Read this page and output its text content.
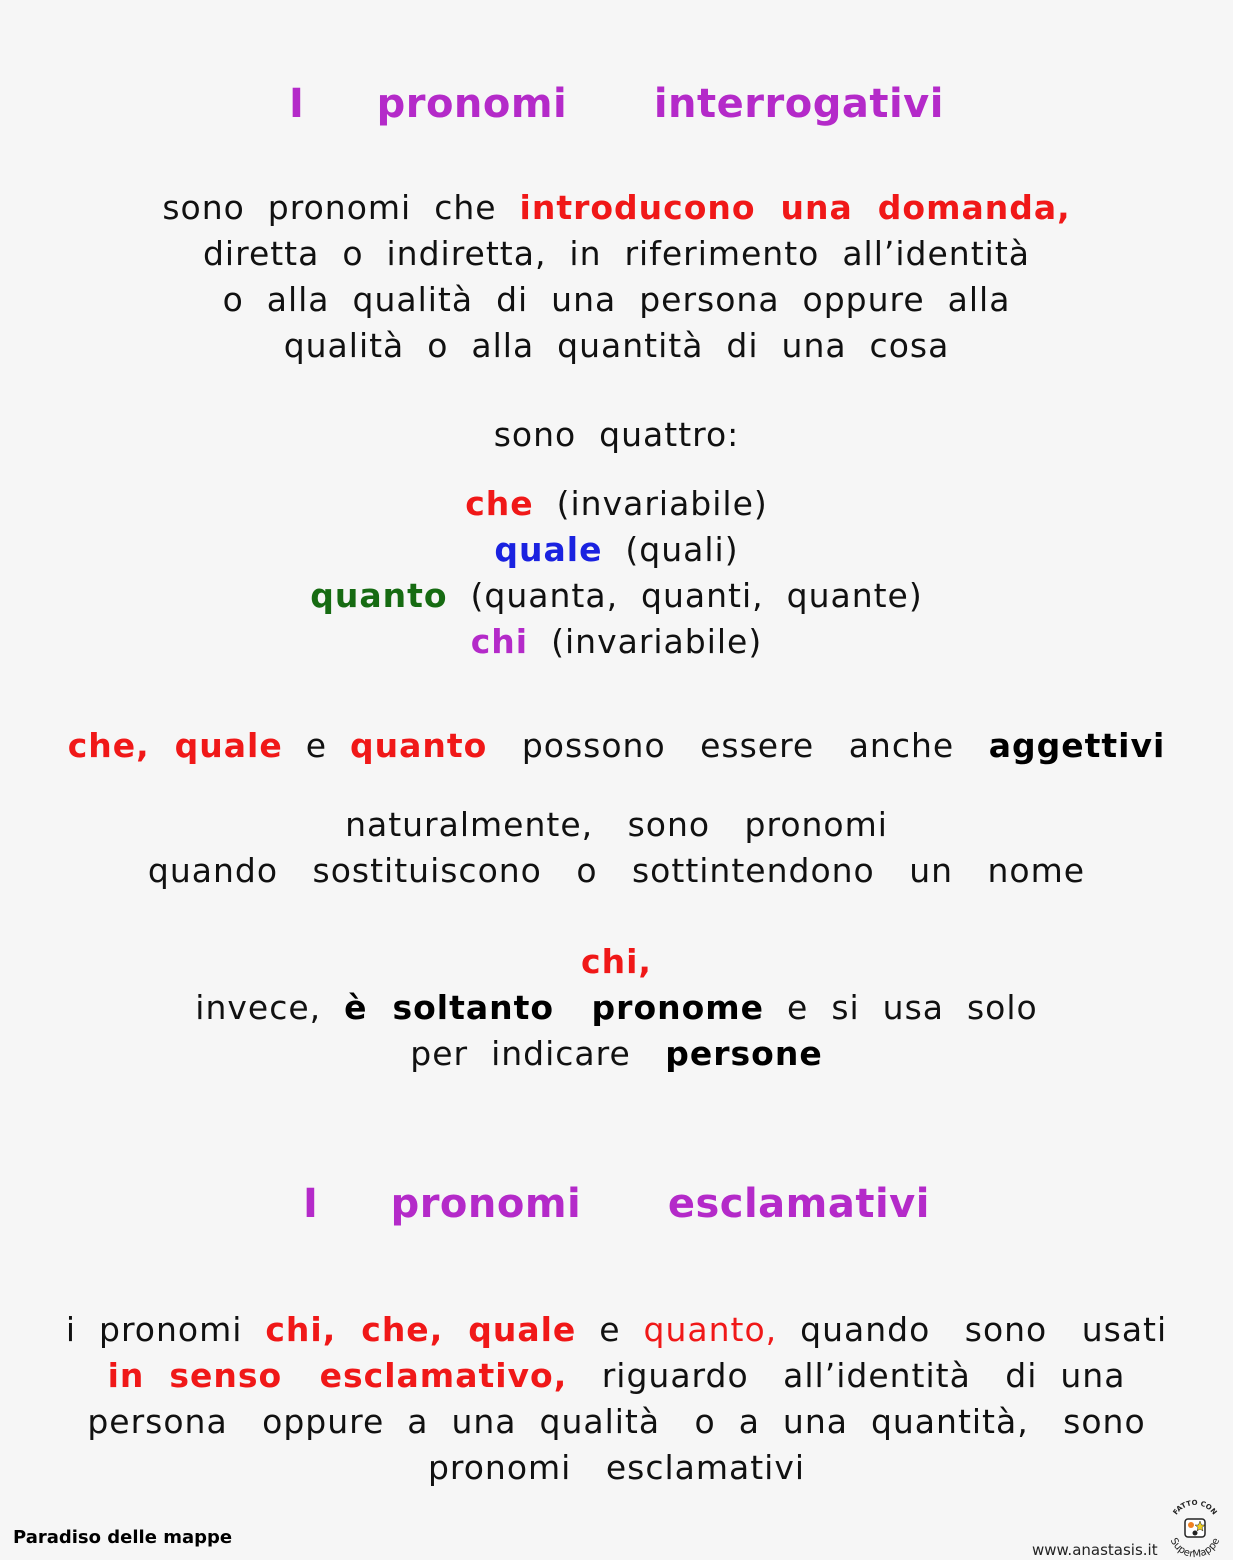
I pronomi interrogativi
sono  pronomi  che  introducono  una  domanda,
diretta  o  indiretta,  in  riferimento  all’identità
o  alla  qualità  di  una  persona  oppure  alla
qualità  o  alla  quantità  di  una  cosa
sono  quattro:
che  (invariabile)
quale  (quali)
quanto  (quanta,  quanti,  quante)
chi  (invariabile)
che,  quale  e  quanto   possono   essere   anche   aggettivi
naturalmente,   sono   pronomi
quando   sostituiscono   o   sottintendono   un   nome
chi,
invece,  è  soltanto   pronome  e  si  usa  solo
per  indicare   persone
I pronomi esclamativi
i  pronomi  chi,  che,  quale  e  quanto,  quando   sono   usati
in  senso   esclamativo,   riguardo   all’identità   di  una
persona   oppure  a  una  qualità   o  a  una  quantità,   sono
pronomi   esclamativi
Paradiso delle mappe
www.anastasis.it
FATTO CON
SuperMappe
